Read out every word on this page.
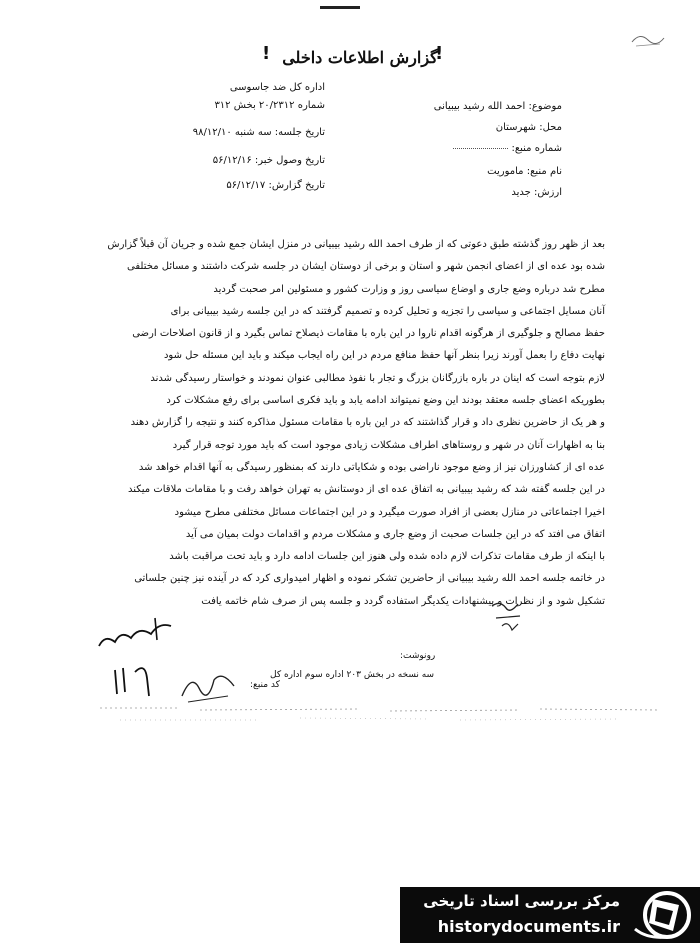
!
گزارش اطلاعات داخلی
!
اداره کل ضد جاسوسی
شماره ۲۰/۲۳۱۲ بخش ۳۱۲
تاریخ جلسه: سه شنبه ۹۸/۱۲/۱۰
تاریخ وصول خبر: ۵۶/۱۲/۱۶
تاریخ گزارش: ۵۶/۱۲/۱۷
موضوع: احمد الله رشید بیبیانی
محل: شهرستان
شماره منبع:
نام منبع: ماموریت
ارزش: جدید
بعد از ظهر روز گذشته طبق دعوتی که از طرف احمد الله رشید بیبیانی در منزل ایشان جمع شده و جریان آن قبلاً گزارش
شده بود عده ای از اعضای انجمن شهر و استان و برخی از دوستان ایشان در جلسه شرکت داشتند و مسائل مختلفی
مطرح شد درباره وضع جاری و اوضاع سیاسی روز و وزارت کشور و مسئولین امر صحبت گردید
آنان مسایل اجتماعی و سیاسی را تجزیه و تحلیل کرده و تصمیم گرفتند که در این جلسه رشید بیبیانی برای
حفظ مصالح و جلوگیری از هرگونه اقدام ناروا در این باره با مقامات ذیصلاح تماس بگیرد و از قانون اصلاحات ارضی
نهایت دفاع را بعمل آورند زیرا بنظر آنها حفظ منافع مردم در این راه ایجاب میکند و باید این مسئله حل شود
لازم بتوجه است که اینان در باره بازرگانان بزرگ و تجار با نفوذ مطالبی عنوان نمودند و خواستار رسیدگی شدند
بطوریکه اعضای جلسه معتقد بودند این وضع نمیتواند ادامه یابد و باید فکری اساسی برای رفع مشکلات کرد
و هر یک از حاضرین نظری داد و قرار گذاشتند که در این باره با مقامات مسئول مذاکره کنند و نتیجه را گزارش دهند
بنا به اظهارات آنان در شهر و روستاهای اطراف مشکلات زیادی موجود است که باید مورد توجه قرار گیرد
عده ای از کشاورزان نیز از وضع موجود ناراضی بوده و شکایاتی دارند که بمنظور رسیدگی به آنها اقدام خواهد شد
در این جلسه گفته شد که رشید بیبیانی به اتفاق عده ای از دوستانش به تهران خواهد رفت و با مقامات ملاقات میکند
اخیرا اجتماعاتی در منازل بعضی از افراد صورت میگیرد و در این اجتماعات مسائل مختلفی مطرح میشود
اتفاق می افتد که در این جلسات صحبت از وضع جاری و مشکلات مردم و اقدامات دولت بمیان می آید
با اینکه از طرف مقامات تذکرات لازم داده شده ولی هنوز این جلسات ادامه دارد و باید تحت مراقبت باشد
در خاتمه جلسه احمد الله رشید بیبیانی از حاضرین تشکر نموده و اظهار امیدواری کرد که در آینده نیز چنین جلساتی
تشکیل شود و از نظرات و پیشنهادات یکدیگر استفاده گردد و جلسه پس از صرف شام خاتمه یافت
رونوشت:
سه نسخه در بخش ۲۰۳ اداره سوم اداره کل
کد منبع:
مرکز بررسی اسناد تاریخی
historydocuments.ir
